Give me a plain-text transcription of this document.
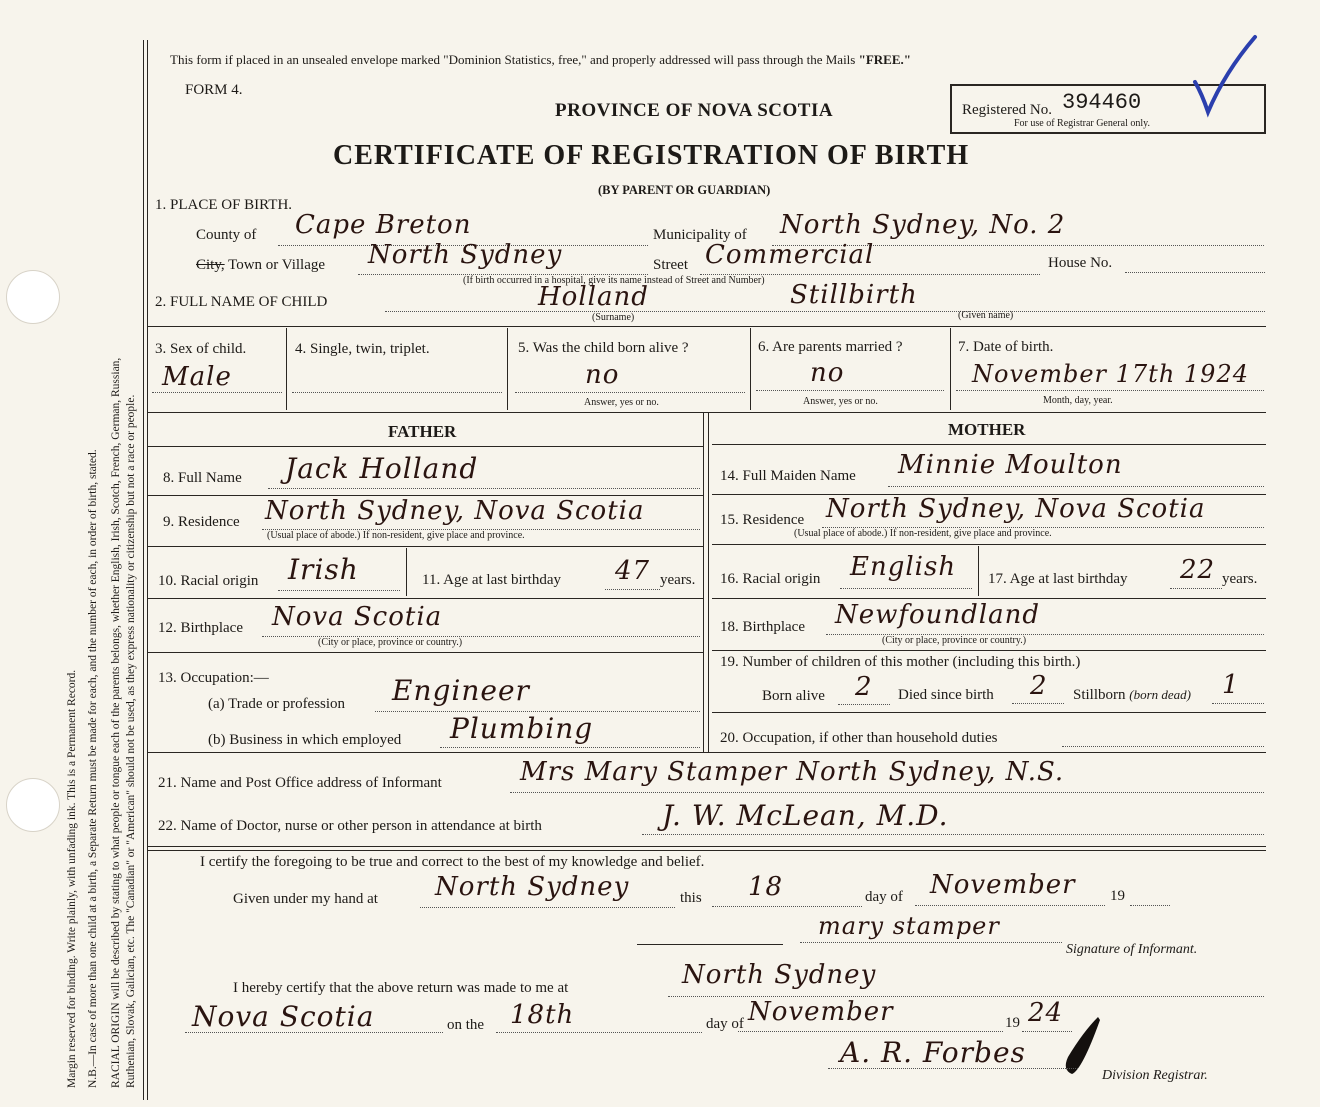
Margin reserved for binding. Write plainly, with unfading ink. This is a Permanent Record. N.B.—In case of more than one child at a birth, a Separate Return must be made for each, and the number of each, in order of birth, stated. RACIAL ORIGIN will be described by stating to what people or tongue each of the parents belongs, whether English, Irish, Scotch, French, German, Russian, Ruthenian, Slovak, Galician, etc. The "Canadian" or "American" should not be used, as they express nationality or citizenship but not a race or people.
This form if placed in an unsealed envelope marked "Dominion Statistics, free," and properly addressed will pass through the Mails "FREE."
FORM 4.
PROVINCE OF NOVA SCOTIA
CERTIFICATE OF REGISTRATION OF BIRTH
(BY PARENT OR GUARDIAN)
Registered No. 394460
For use of Registrar General only.
1. PLACE OF BIRTH.
County of Cape Breton	Municipality of North Sydney, No. 2
City, Town or Village North Sydney	Street Commercial	House No.
(If birth occurred in a hospital, give its name instead of Street and Number)
2. FULL NAME OF CHILD	Holland	Stillbirth
(Surname)	(Given name)
3. Sex of child.
Male
4. Single, twin, triplet.	5. Was the child born alive ?
no
Answer, yes or no.
6. Are parents married ?
no
Answer, yes or no.
7. Date of birth.
November 17th 1924
Month, day, year.
FATHER	MOTHER
8. Full Name Jack Holland
9. Residence North Sydney, Nova Scotia
(Usual place of abode.) If non-resident, give place and province.
10. Racial origin Irish	11. Age at last birthday 47 years.
12. Birthplace Nova Scotia
(City or place, province or country.)
13. Occupation:—
(a) Trade or profession Engineer
(b) Business in which employed Plumbing
14. Full Maiden Name Minnie Moulton
15. Residence North Sydney, Nova Scotia
(Usual place of abode.) If non-resident, give place and province.
16. Racial origin English 17. Age at last birthday 22 years.
18. Birthplace Newfoundland
(City or place, province or country.)
19. Number of children of this mother (including this birth.)
Born alive 2 Died since birth 2 Stillborn (born dead) 1
20. Occupation, if other than household duties
21. Name and Post Office address of Informant	Mrs Mary Stamper North Sydney, N.S.
22. Name of Doctor, nurse or other person in attendance at birth	J. W. McLean, M.D.
I certify the foregoing to be true and correct to the best of my knowledge and belief.
Given under my hand at North Sydney	this 18	day of November 19
mary stamper
Signature of Informant.
I hereby certify that the above return was made to me at	North Sydney
Nova Scotia	on the 18th	day of November	19 24
A. R. Forbes
Division Registrar.
